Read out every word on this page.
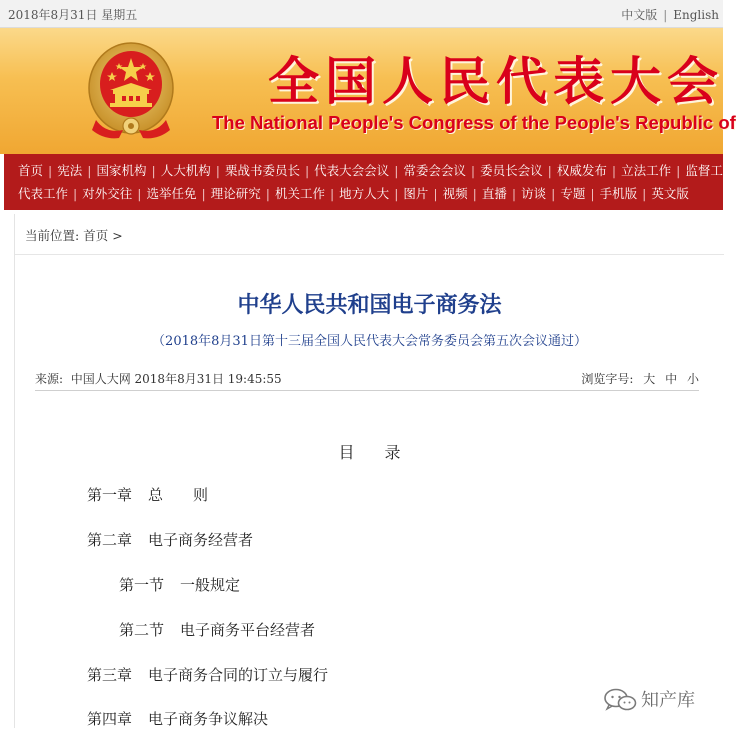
2018年8月31日 星期五	中文版 | English
全国人民代表大会
The National People's Congress of the People's Republic of
首页 | 宪法 | 国家机构 | 人大机构 | 栗战书委员长 | 代表大会会议 | 常委会会议 | 委员长会议 | 权威发布 | 立法工作 | 监督工作
代表工作 | 对外交往 | 选举任免 | 理论研究 | 机关工作 | 地方人大 | 图片 | 视频 | 直播 | 访谈 | 专题 | 手机版 | 英文版
当前位置: 首页 >
中华人民共和国电子商务法
（2018年8月31日第十三届全国人民代表大会常务委员会第五次会议通过）
来源: 中国人大网 2018年8月31日 19:45:55	浏览字号: 大 中 小
目录
第一章 总　　则
第二章 电子商务经营者
第一节 一般规定
第二节 电子商务平台经营者
第三章 电子商务合同的订立与履行
第四章 电子商务争议解决
知产库
